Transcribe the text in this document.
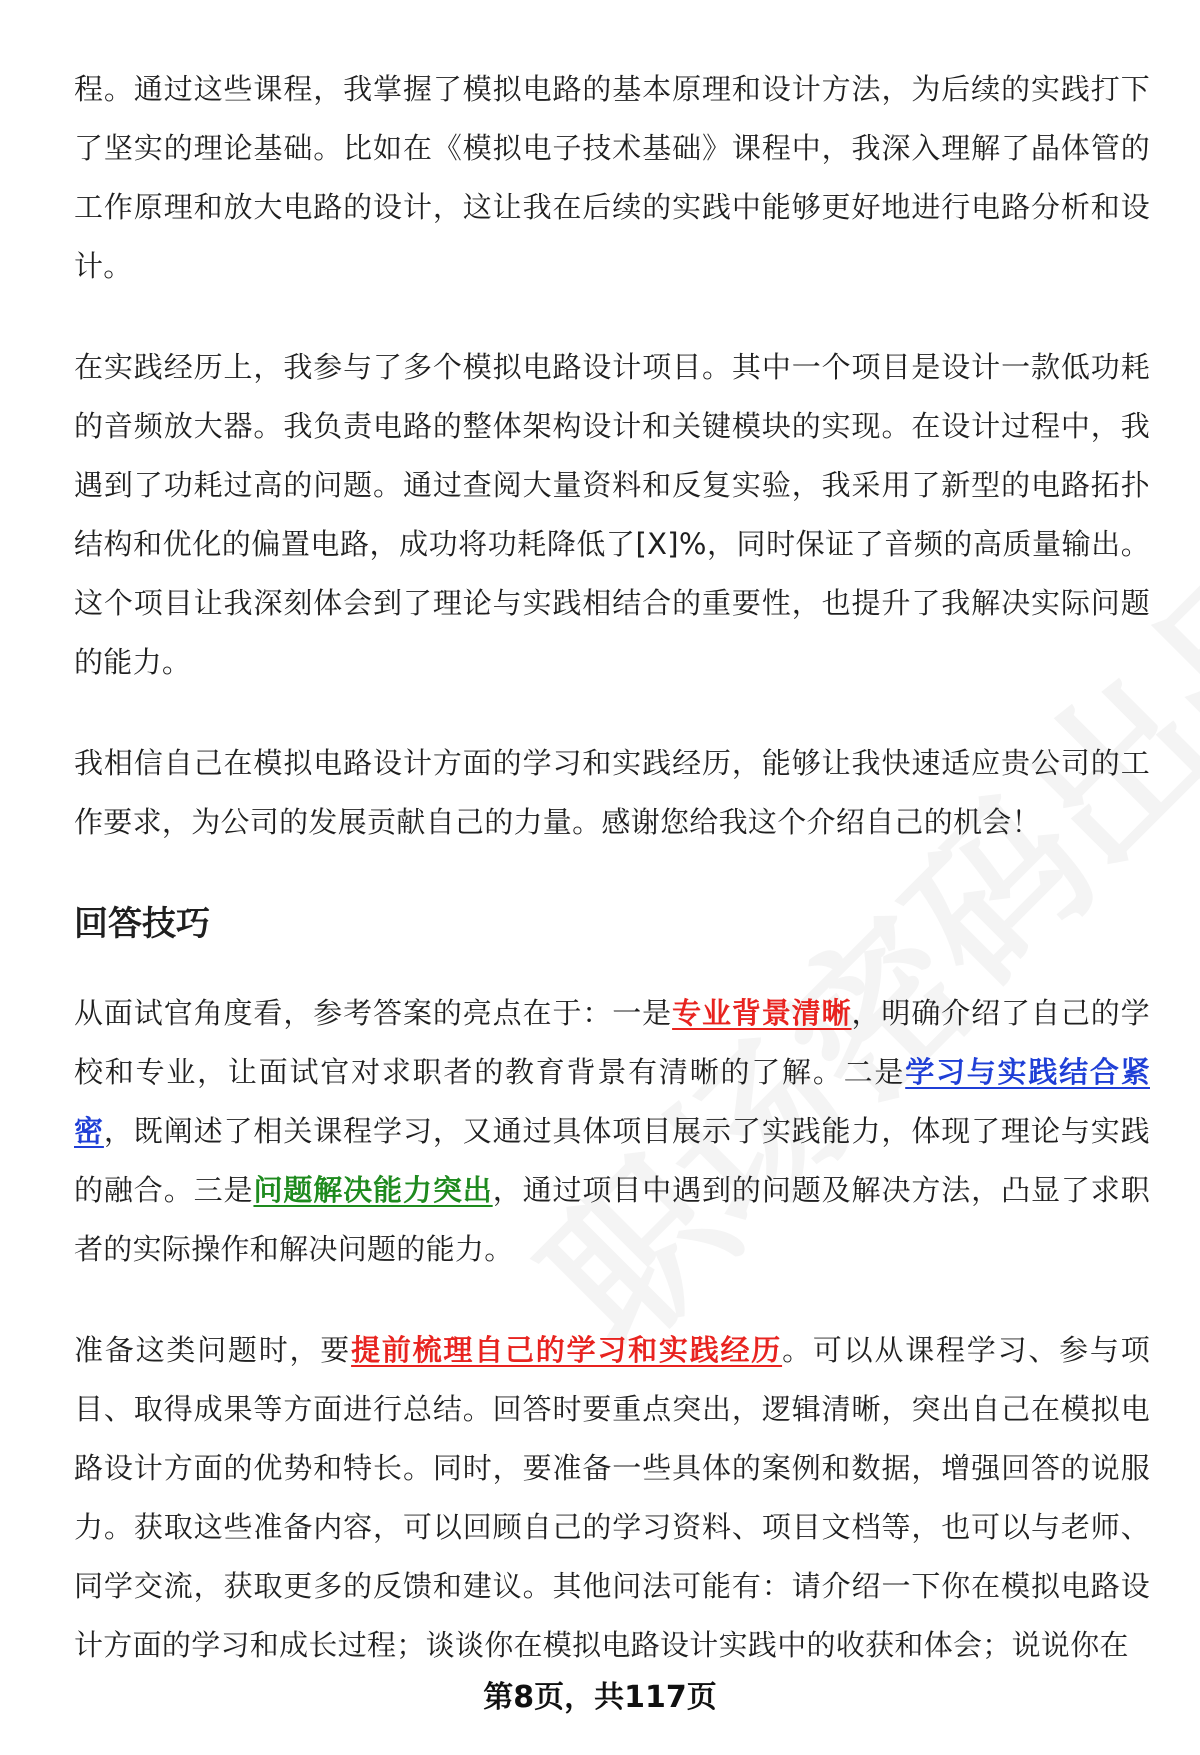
程。通过这些课程，我掌握了模拟电路的基本原理和设计方法，为后续的实践打下了坚实的理论基础。比如在《模拟电子技术基础》课程中，我深入理解了晶体管的工作原理和放大电路的设计，这让我在后续的实践中能够更好地进行电路分析和设计。

在实践经历上，我参与了多个模拟电路设计项目。其中一个项目是设计一款低功耗的音频放大器。我负责电路的整体架构设计和关键模块的实现。在设计过程中，我遇到了功耗过高的问题。通过查阅大量资料和反复实验，我采用了新型的电路拓扑结构和优化的偏置电路，成功将功耗降低了[X]%，同时保证了音频的高质量输出。这个项目让我深刻体会到了理论与实践相结合的重要性，也提升了我解决实际问题的能力。

我相信自己在模拟电路设计方面的学习和实践经历，能够让我快速适应贵公司的工作要求，为公司的发展贡献自己的力量。感谢您给我这个介绍自己的机会！

回答技巧

从面试官角度看，参考答案的亮点在于：一是专业背景清晰，明确介绍了自己的学校和专业，让面试官对求职者的教育背景有清晰的了解。二是学习与实践结合紧密，既阐述了相关课程学习，又通过具体项目展示了实践能力，体现了理论与实践的融合。三是问题解决能力突出，通过项目中遇到的问题及解决方法，凸显了求职者的实际操作和解决问题的能力。

准备这类问题时，要提前梳理自己的学习和实践经历。可以从课程学习、参与项目、取得成果等方面进行总结。回答时要重点突出，逻辑清晰，突出自己在模拟电路设计方面的优势和特长。同时，要准备一些具体的案例和数据，增强回答的说服力。获取这些准备内容，可以回顾自己的学习资料、项目文档等，也可以与老师、同学交流，获取更多的反馈和建议。其他问法可能有：请介绍一下你在模拟电路设计方面的学习和成长过程；谈谈你在模拟电路设计实践中的收获和体会；说说你在

第8页，共117页
